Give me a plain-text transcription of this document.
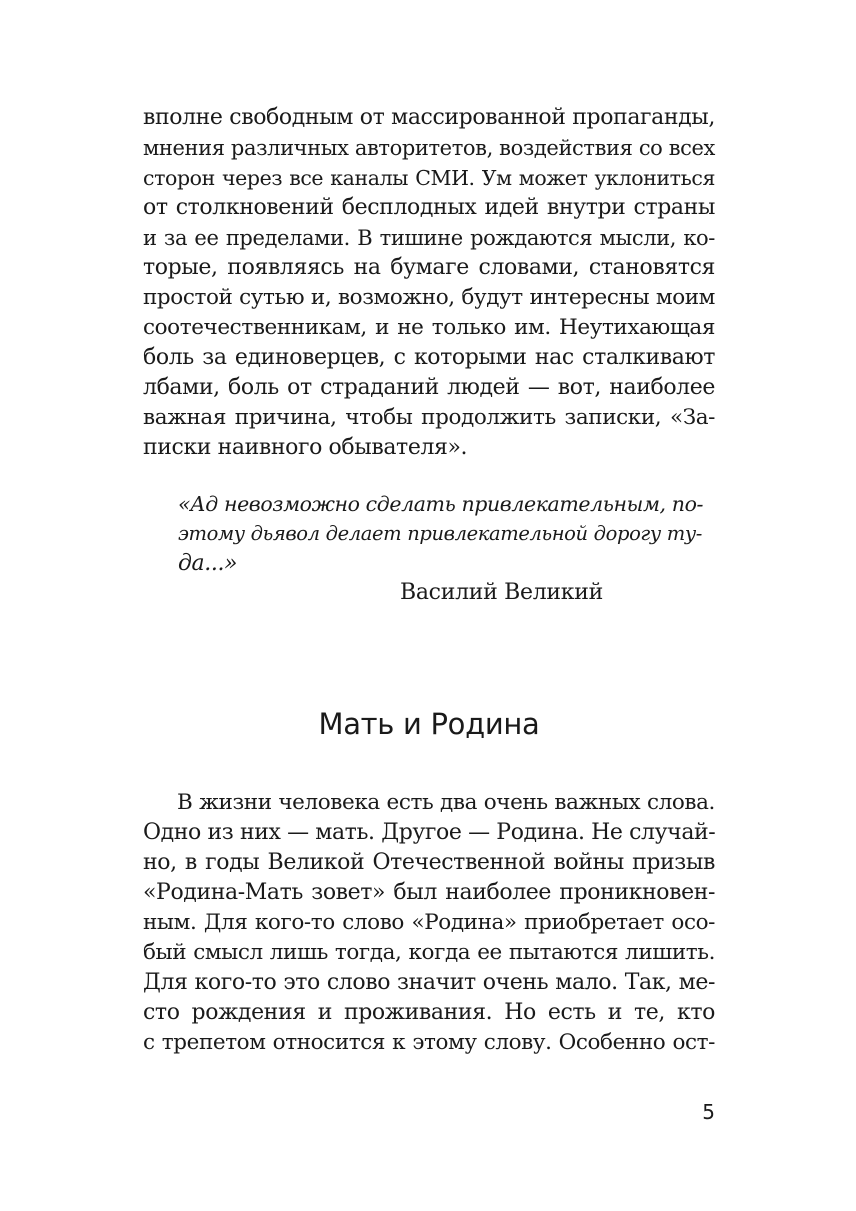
вполне свободным от массированной пропаганды,
мнения различных авторитетов, воздействия со всех
сторон через все каналы СМИ. Ум может уклониться
от столкновений бесплодных идей внутри страны
и за ее пределами. В тишине рождаются мысли, ко-
торые, появляясь на бумаге словами, становятся
простой сутью и, возможно, будут интересны моим
соотечественникам, и не только им. Неутихающая
боль за единоверцев, с которыми нас сталкивают
лбами, боль от страданий людей — вот, наиболее
важная причина, чтобы продолжить записки, «За-
писки наивного обывателя».
«Ад невозможно сделать привлекательным, по-
этому дьявол делает привлекательной дорогу ту-
да...»
Василий Великий
Мать и Родина
В жизни человека есть два очень важных слова.
Одно из них — мать. Другое — Родина. Не случай-
но, в годы Великой Отечественной войны призыв
«Родина-Мать зовет» был наиболее проникновен-
ным. Для кого-то слово «Родина» приобретает осо-
бый смысл лишь тогда, когда ее пытаются лишить.
Для кого-то это слово значит очень мало. Так, ме-
сто рождения и проживания. Но есть и те, кто
с трепетом относится к этому слову. Особенно ост-
5
